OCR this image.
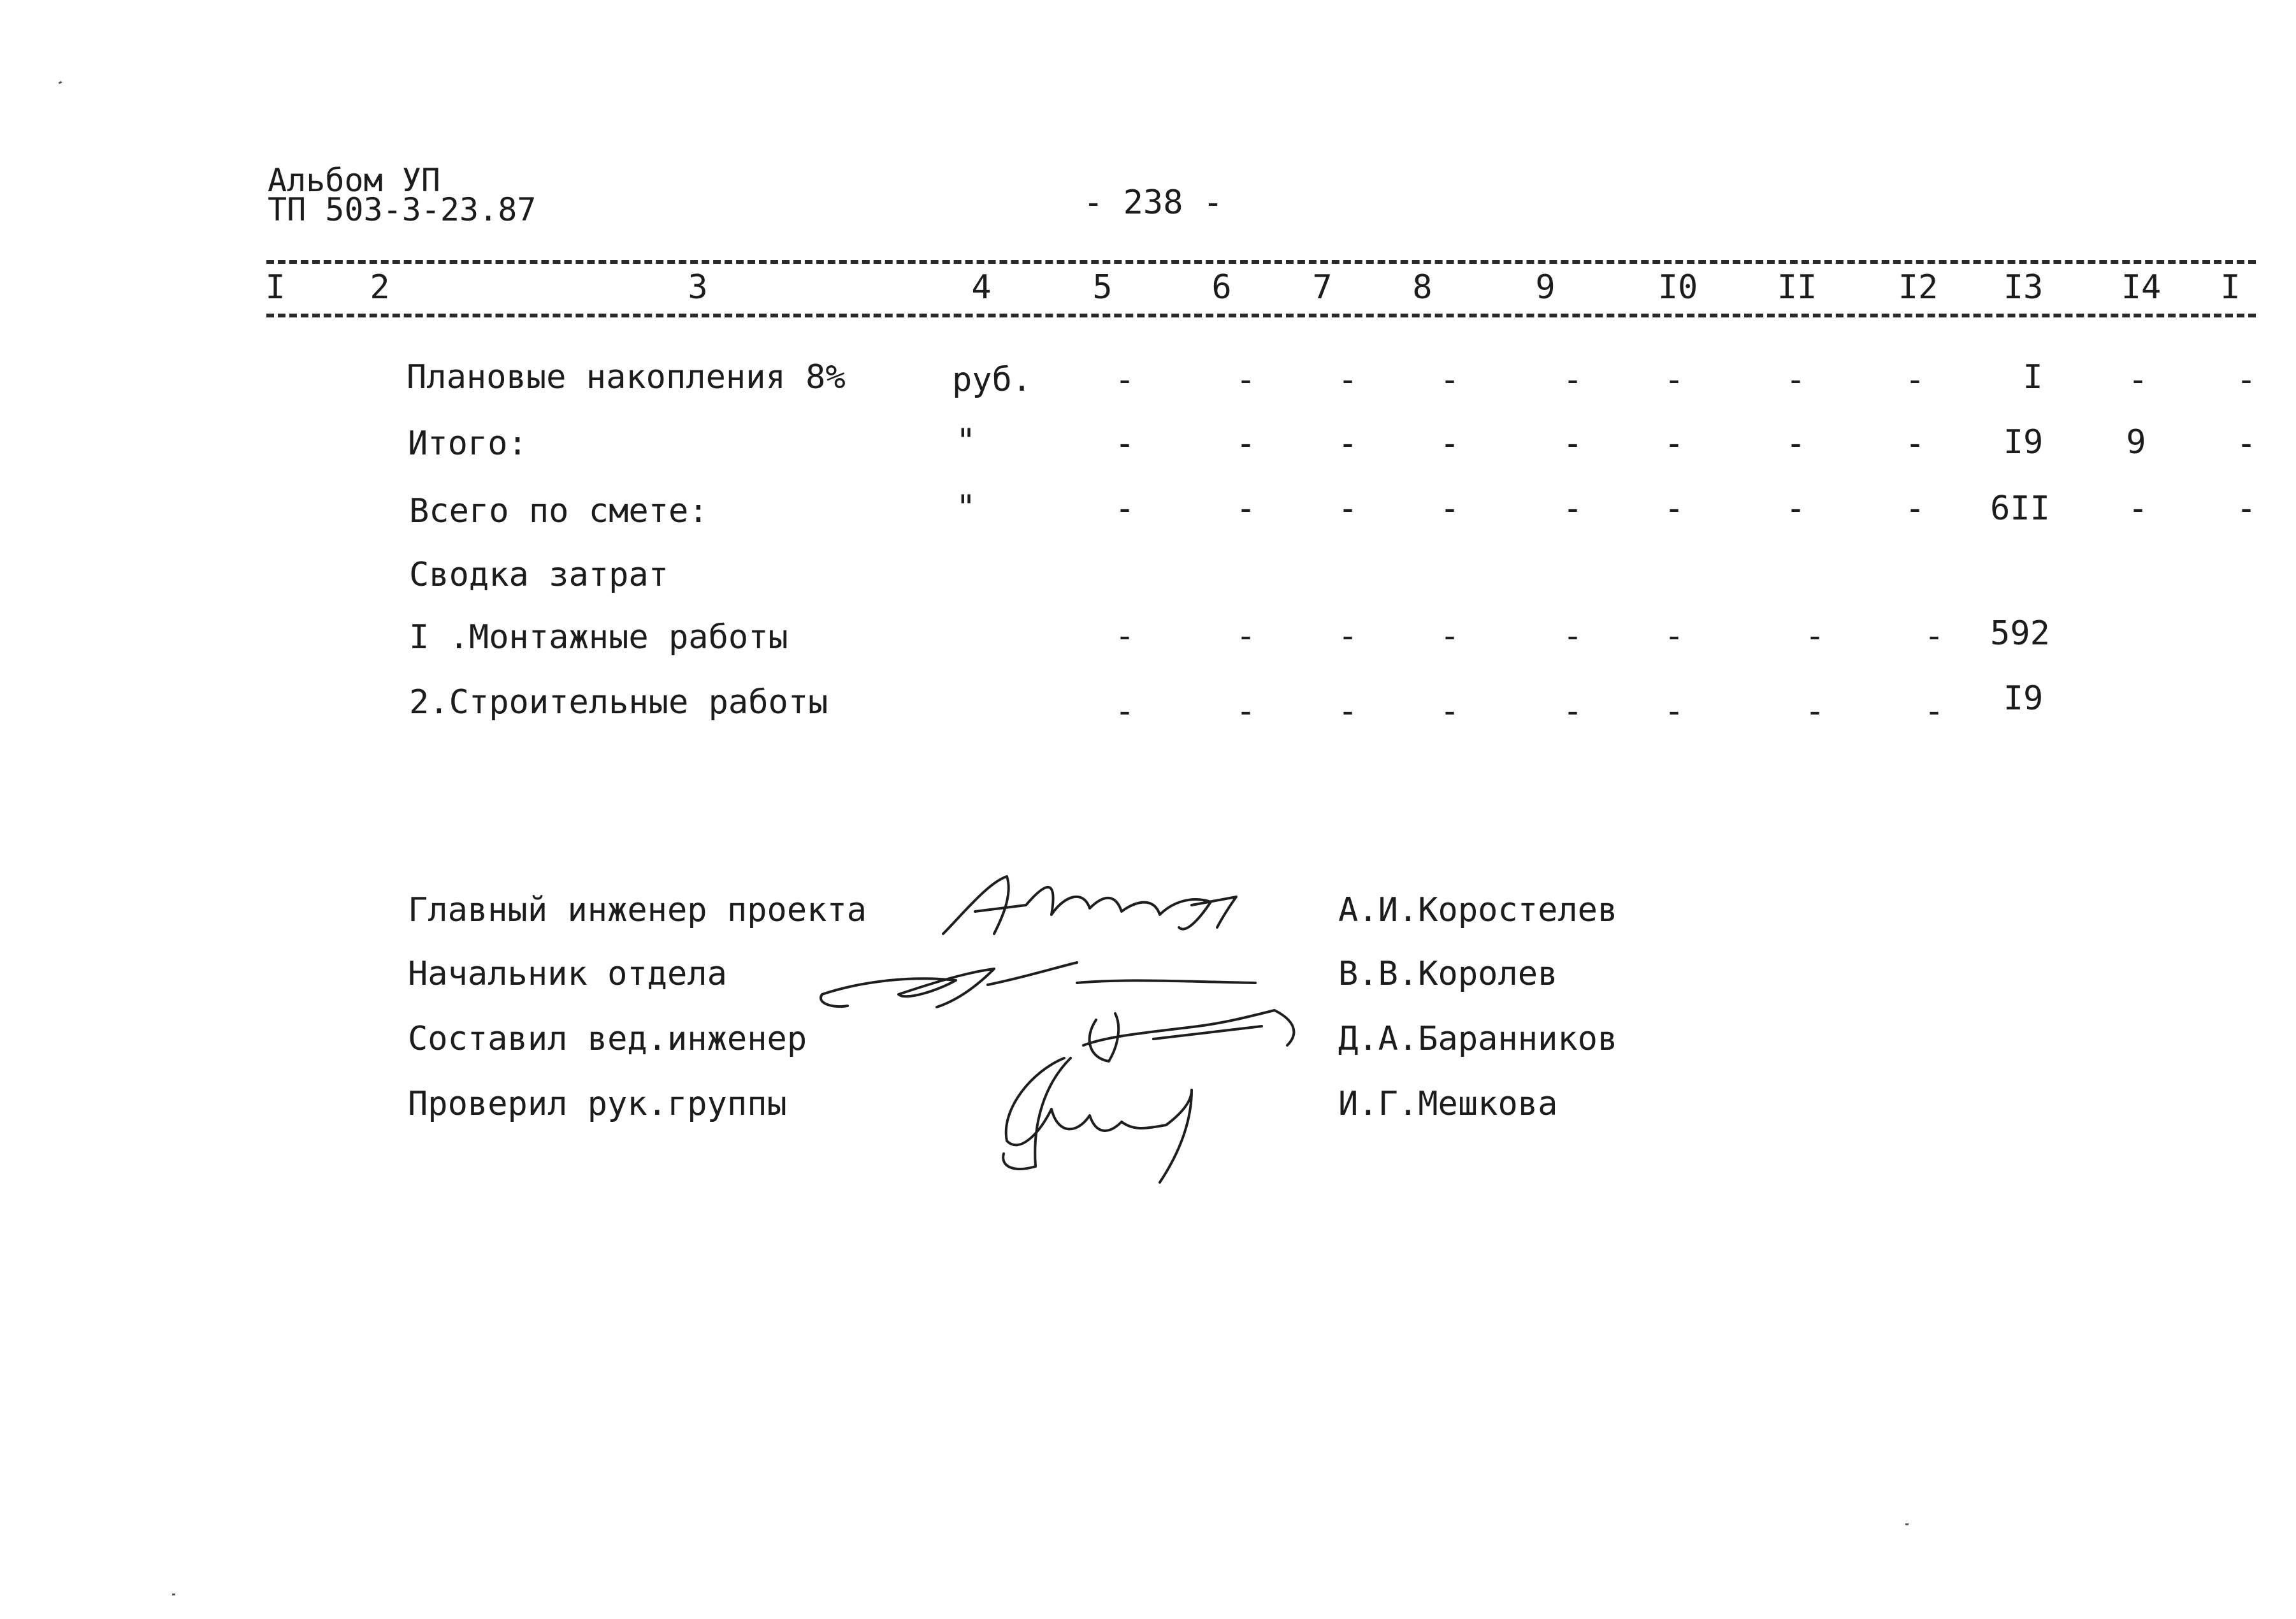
Альбом УП
ТП 503-3-23.87	- 238 -
I	2	3	4	5	6 7 8	9	I0 II I2 I3 I4 I
Плановые накопления 8%	руб.	-	- - -	- -	-	-	I	-	-
Итого:	"	-	- - -	- -	-	- I9	9	-
Всего по смете:	"	-	- - -	- -	-	- 6II -	-
Сводка затрат
I .Монтажные работы	-	- - -	- -	-	- 592
2.Строительные работы	-	- - -	- -	-	- I9
Главный инженер проекта	А.И.Коростелев
Начальник отдела	В.В.Королев
Составил вед.инженер	Д.А.Баранников
Проверил рук.группы	И.Г.Мешкова
